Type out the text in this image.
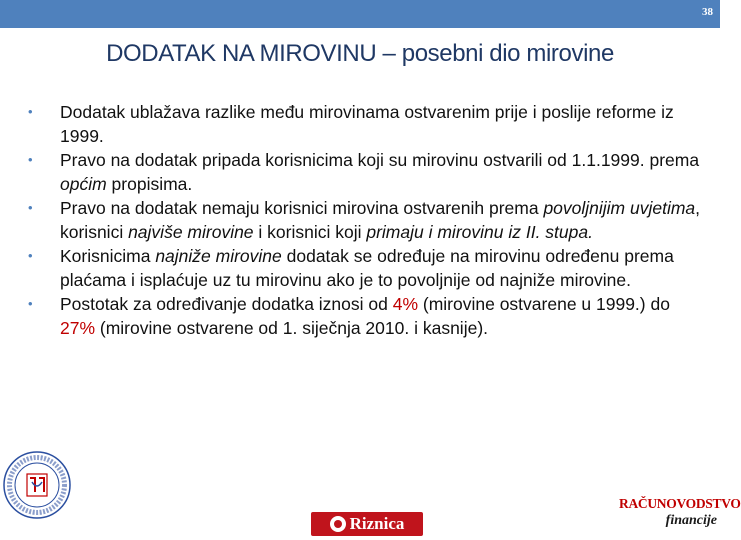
38
DODATAK NA MIROVINU – posebni dio mirovine
• Dodatak ublažava razlike među mirovinama ostvarenim prije i poslije reforme iz 1999.
• Pravo na dodatak pripada korisnicima koji su mirovinu ostvarili od 1.1.1999. prema općim propisima.
• Pravo na dodatak nemaju korisnici mirovina ostvarenih prema povoljnijim uvjetima, korisnici najviše mirovine i korisnici koji primaju i mirovinu iz II. stupa.
• Korisnicima najniže mirovine dodatak se određuje na mirovinu određenu prema plaćama i isplaćuje uz tu mirovinu ako je to povoljnije od najniže mirovine.
• Postotak za određivanje dodatka iznosi od 4% (mirovine ostvarene u 1999.) do 27% (mirovine ostvarene od 1. siječnja 2010. i kasnije).
Riznica
RAČUNOVODSTVO
financije
